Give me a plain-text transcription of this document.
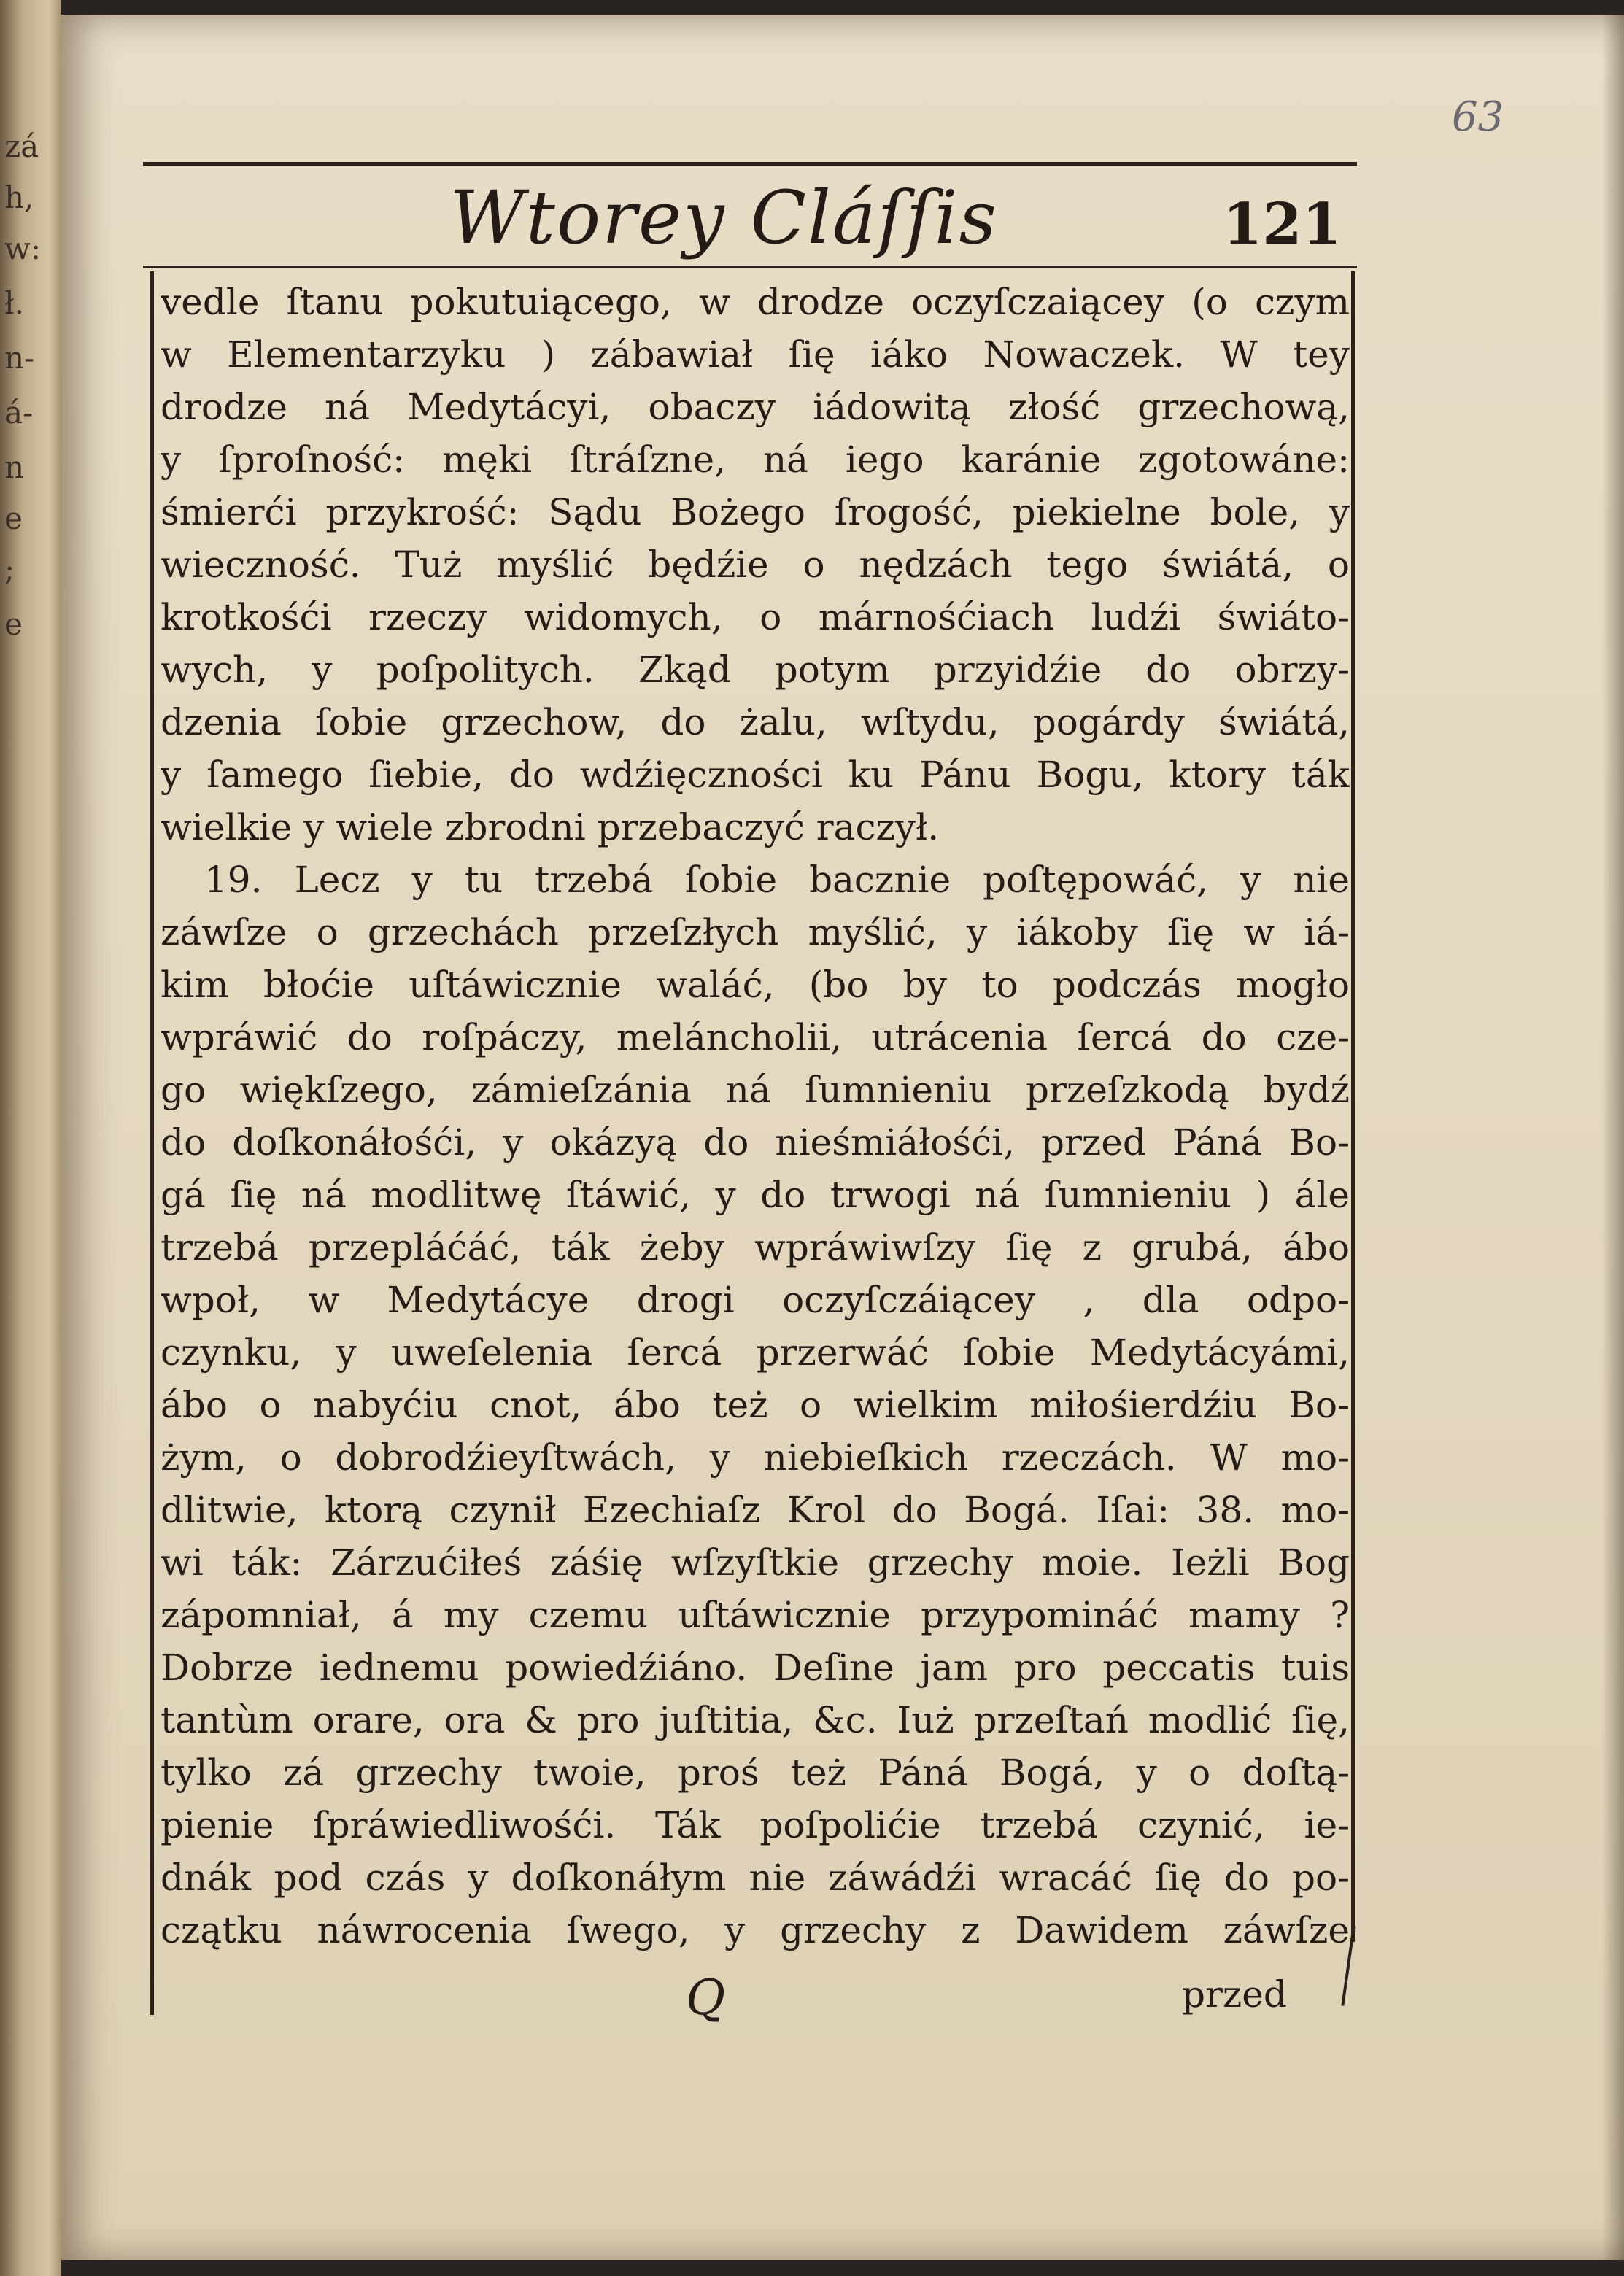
zá
h,
w:
ł.
n-
á-
n
e
;
e
63
Wtorey Cláſſis	121
vedle ſtanu pokutuiącego, w drodze oczyſczaiącey (o czym
w Elementarzyku ) zábawiał ſię iáko Nowaczek. W tey
drodze ná Medytácyi, obaczy iádowitą złość grzechową,
y ſproſność: męki ſtráſzne, ná iego karánie zgotowáne:
śmierći przykrość: Sądu Bożego ſrogość, piekielne bole, y
wieczność. Tuż myślić będźie o nędzách tego świátá, o
krotkośći rzeczy widomych, o márnośćiach ludźi świáto-
wych, y poſpolitych. Zkąd potym przyidźie do obrzy-
dzenia ſobie grzechow, do żalu, wſtydu, pogárdy świátá,
y ſamego ſiebie, do wdźięczności ku Pánu Bogu, ktory ták
wielkie y wiele zbrodni przebaczyć raczył.
19. Lecz y tu trzebá ſobie bacznie poſtępowáć, y nie
záwſze o grzechách przeſzłych myślić, y iákoby ſię w iá-
kim błoćie uſtáwicznie waláć, (bo by to podczás mogło
wpráwić do roſpáczy, meláncholii, utrácenia ſercá do cze-
go więkſzego, zámieſzánia ná ſumnieniu przeſzkodą bydź
do doſkonáłośći, y okázyą do nieśmiáłośći, przed Páná Bo-
gá ſię ná modlitwę ſtáwić, y do trwogi ná ſumnieniu ) ále
trzebá przepláćáć, ták żeby wpráwiwſzy ſię z grubá, ábo
wpoł, w Medytácye drogi oczyſczáiącey , dla odpo-
czynku, y uweſelenia ſercá przerwáć ſobie Medytácyámi,
ábo o nabyćiu cnot, ábo też o wielkim miłośierdźiu Bo-
żym, o dobrodźieyſtwách, y niebieſkich rzeczách. W mo-
dlitwie, ktorą czynił Ezechiaſz Krol do Bogá. Iſai: 38. mo-
wi ták: Zárzućiłeś záśię wſzyſtkie grzechy moie. Ieżli Bog
zápomniał, á my czemu uſtáwicznie przypomináć mamy ?
Dobrze iednemu powiedźiáno. Deſine jam pro peccatis tuis
tantùm orare, ora & pro juſtitia, &c. Iuż przeſtań modlić ſię,
tylko zá grzechy twoie, proś też Páná Bogá, y o doſtą-
pienie ſpráwiedliwośći. Ták poſpolićie trzebá czynić, ie-
dnák pod czás y doſkonáłym nie záwádźi wracáć ſię do po-
czątku náwrocenia ſwego, y grzechy z Dawidem záwſze
Q	przed
